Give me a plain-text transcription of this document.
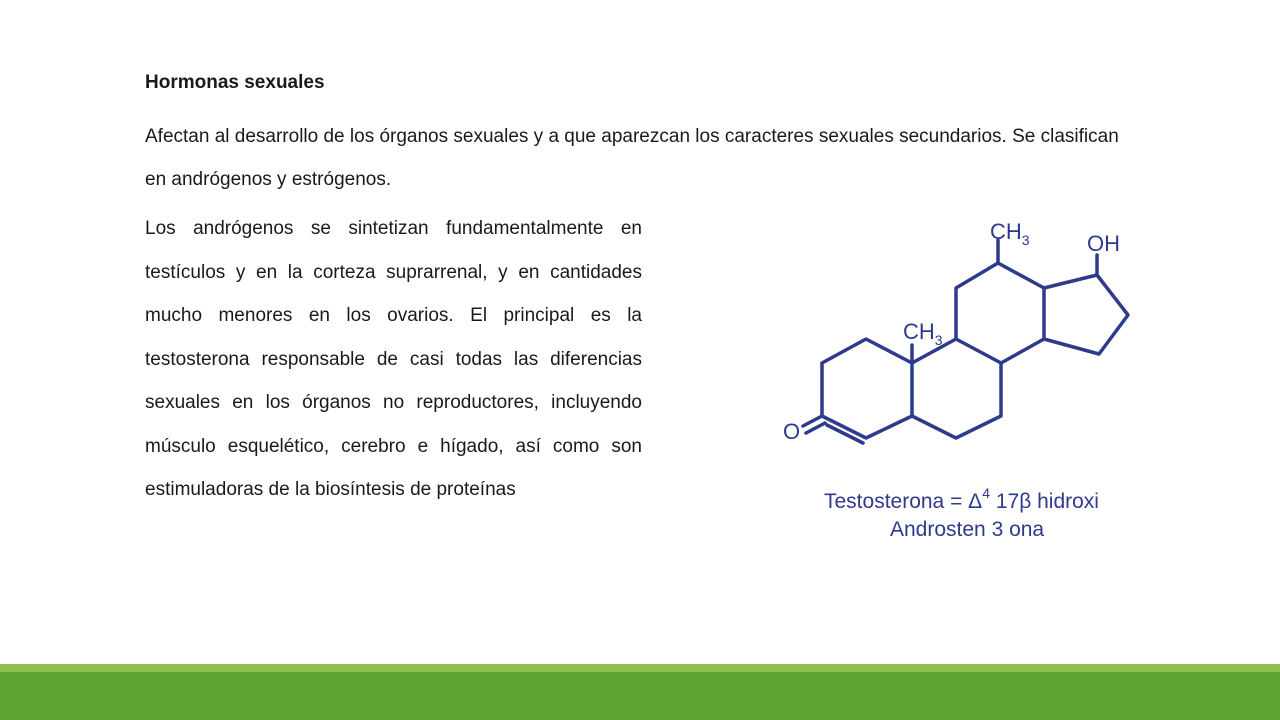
Hormonas sexuales
Afectan al desarrollo de los órganos sexuales y a que aparezcan los caracteres sexuales secundarios. Se clasifican en andrógenos y estrógenos.
Los andrógenos se sintetizan fundamentalmente en testículos y en la corteza suprarrenal, y en cantidades mucho menores en los ovarios. El principal es la testosterona responsable de casi todas las diferencias sexuales en los órganos no reproductores, incluyendo músculo esquelético, cerebro e hígado, así como son estimuladoras de la biosíntesis de proteínas
$CH_3$	OH
$CH_3$
O
Testosterona = $\Delta^4$ 17β hidroxi
Androsten 3 ona
